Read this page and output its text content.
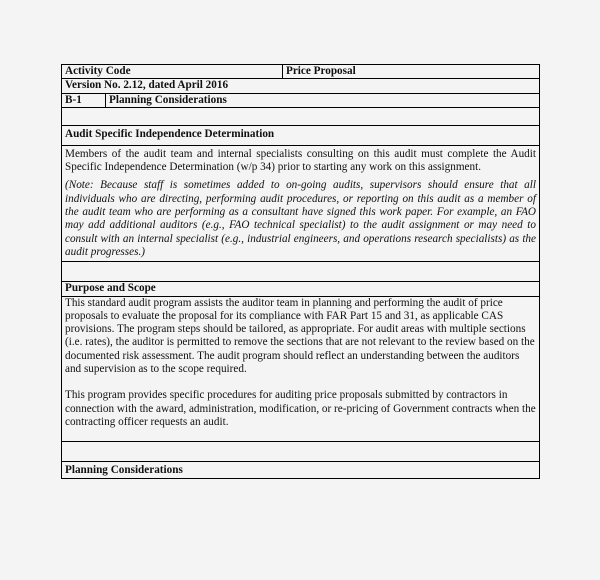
Activity Code		Price Proposal
Version No. 2.12, dated April 2016		
B-1	Planning Considerations	

Audit Specific Independence Determination		

Members of the audit team and internal specialists consulting on this audit must complete the Audit Specific Independence Determination (w/p 34) prior to starting any work on this assignment.
(Note: Because staff is sometimes added to on-going audits, supervisors should ensure that all individuals who are directing, performing audit procedures, or reporting on this audit as a member of the audit team who are performing as a consultant have signed this work paper. For example, an FAO may add additional auditors (e.g., FAO technical specialist) to the audit assignment or may need to consult with an internal specialist (e.g., industrial engineers, and operations research specialists) as the audit progresses.)		

Purpose and Scope		

This standard audit program assists the auditor team in planning and performing the audit of price proposals to evaluate the proposal for its compliance with FAR Part 15 and 31, as applicable CAS provisions. The program steps should be tailored, as appropriate. For audit areas with multiple sections (i.e. rates), the auditor is permitted to remove the sections that are not relevant to the review based on the documented risk assessment. The audit program should reflect an understanding between the auditors and supervision as to the scope required.
This program provides specific procedures for auditing price proposals submitted by contractors in connection with the award, administration, modification, or re-pricing of Government contracts when the contracting officer requests an audit.		

Planning Considerations		
